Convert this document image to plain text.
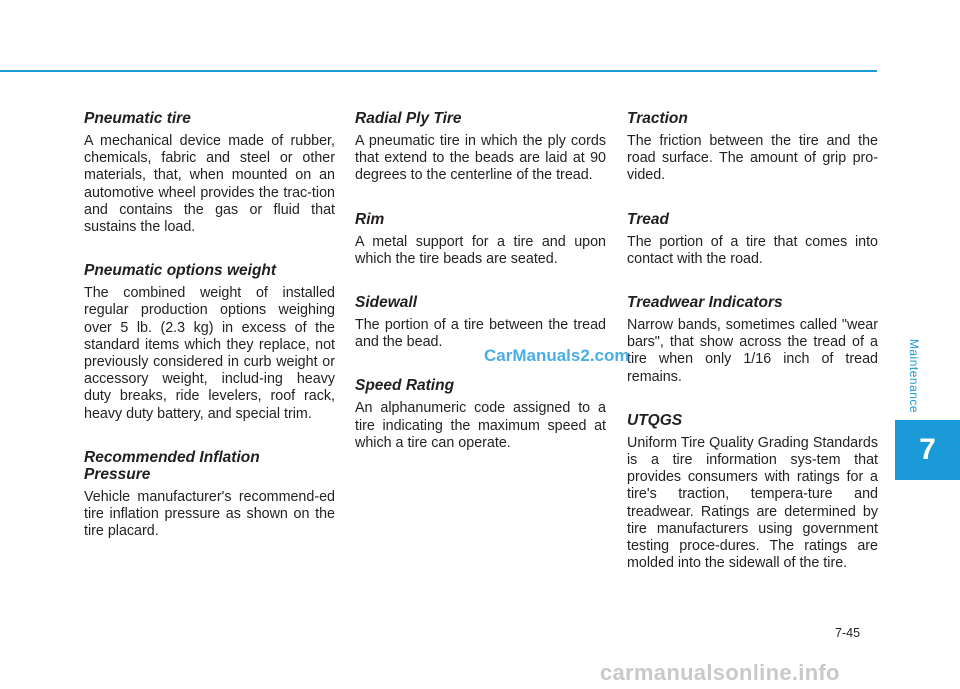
Pneumatic tire

A mechanical device made of rubber, chemicals, fabric and steel or other materials, that, when mounted on an automotive wheel provides the trac-tion and contains the gas or fluid that sustains the load.

Pneumatic options weight

The combined weight of installed regular production options weighing over 5 lb. (2.3 kg) in excess of the standard items which they replace, not previously considered in curb weight or accessory weight, includ-ing heavy duty breaks, ride levelers, roof rack, heavy duty battery, and special trim.

Recommended Inflation Pressure

Vehicle manufacturer's recommend-ed tire inflation pressure as shown on the tire placard.

Radial Ply Tire

A pneumatic tire in which the ply cords that extend to the beads are laid at 90 degrees to the centerline of the tread.

Rim

A metal support for a tire and upon which the tire beads are seated.

Sidewall

The portion of a tire between the tread and the bead.

Speed Rating

An alphanumeric code assigned to a tire indicating the maximum speed at which a tire can operate.

Traction

The friction between the tire and the road surface. The amount of grip pro-vided.

Tread

The portion of a tire that comes into contact with the road.

Treadwear Indicators

Narrow bands, sometimes called "wear bars", that show across the tread of a tire when only 1/16 inch of tread remains.

UTQGS

Uniform Tire Quality Grading Standards is a tire information sys-tem that provides consumers with ratings for a tire's traction, tempera-ture and treadwear. Ratings are determined by tire manufacturers using government testing proce-dures. The ratings are molded into the sidewall of the tire.

Maintenance
7
7-45
CarManuals2.com
carmanualsonline.info
